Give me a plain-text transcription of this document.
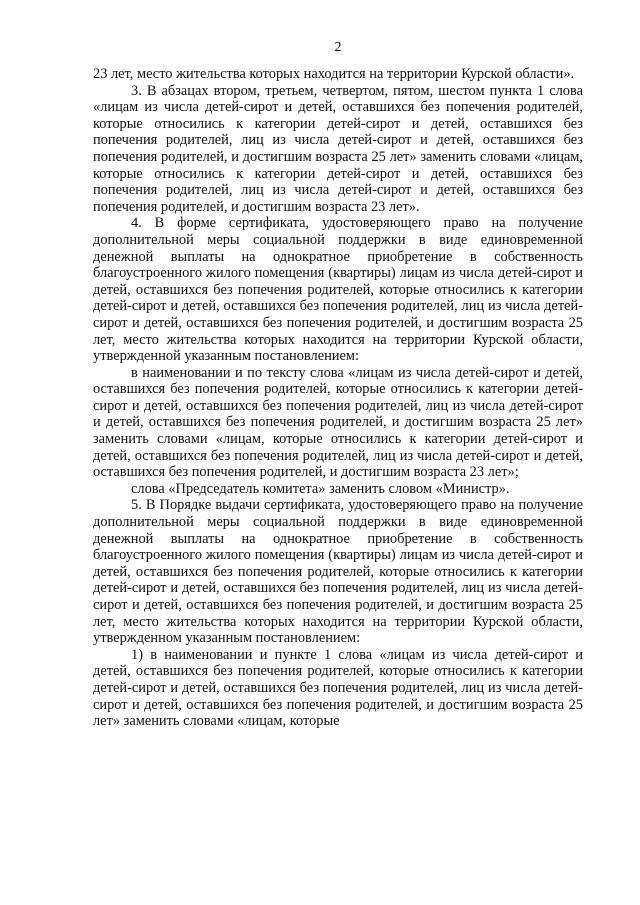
2

23 лет, место жительства которых находится на территории Курской области».

3. В абзацах втором, третьем, четвертом, пятом, шестом пункта 1 слова «лицам из числа детей-сирот и детей, оставшихся без попечения родителей, которые относились к категории детей-сирот и детей, оставшихся без попечения родителей, лиц из числа детей-сирот и детей, оставшихся без попечения родителей, и достигшим возраста 25 лет» заменить словами «лицам, которые относились к категории детей-сирот и детей, оставшихся без попечения родителей, лиц из числа детей-сирот и детей, оставшихся без попечения родителей, и достигшим возраста 23 лет».

4. В форме сертификата, удостоверяющего право на получение дополнительной меры социальной поддержки в виде единовременной денежной выплаты на однократное приобретение в собственность благоустроенного жилого помещения (квартиры) лицам из числа детей-сирот и детей, оставшихся без попечения родителей, которые относились к категории детей-сирот и детей, оставшихся без попечения родителей, лиц из числа детей-сирот и детей, оставшихся без попечения родителей, и достигшим возраста 25 лет, место жительства которых находится на территории Курской области, утвержденной указанным постановлением:

в наименовании и по тексту слова «лицам из числа детей-сирот и детей, оставшихся без попечения родителей, которые относились к категории детей-сирот и детей, оставшихся без попечения родителей, лиц из числа детей-сирот и детей, оставшихся без попечения родителей, и достигшим возраста 25 лет» заменить словами «лицам, которые относились к категории детей-сирот и детей, оставшихся без попечения родителей, лиц из числа детей-сирот и детей, оставшихся без попечения родителей, и достигшим возраста 23 лет»;

слова «Председатель комитета» заменить словом «Министр».

5. В Порядке выдачи сертификата, удостоверяющего право на получение дополнительной меры социальной поддержки в виде единовременной денежной выплаты на однократное приобретение в собственность благоустроенного жилого помещения (квартиры) лицам из числа детей-сирот и детей, оставшихся без попечения родителей, которые относились к категории детей-сирот и детей, оставшихся без попечения родителей, лиц из числа детей-сирот и детей, оставшихся без попечения родителей, и достигшим возраста 25 лет, место жительства которых находится на территории Курской области, утвержденном указанным постановлением:

1) в наименовании и пункте 1 слова «лицам из числа детей-сирот и детей, оставшихся без попечения родителей, которые относились к категории детей-сирот и детей, оставшихся без попечения родителей, лиц из числа детей-сирот и детей, оставшихся без попечения родителей, и достигшим возраста 25 лет» заменить словами «лицам, которые
